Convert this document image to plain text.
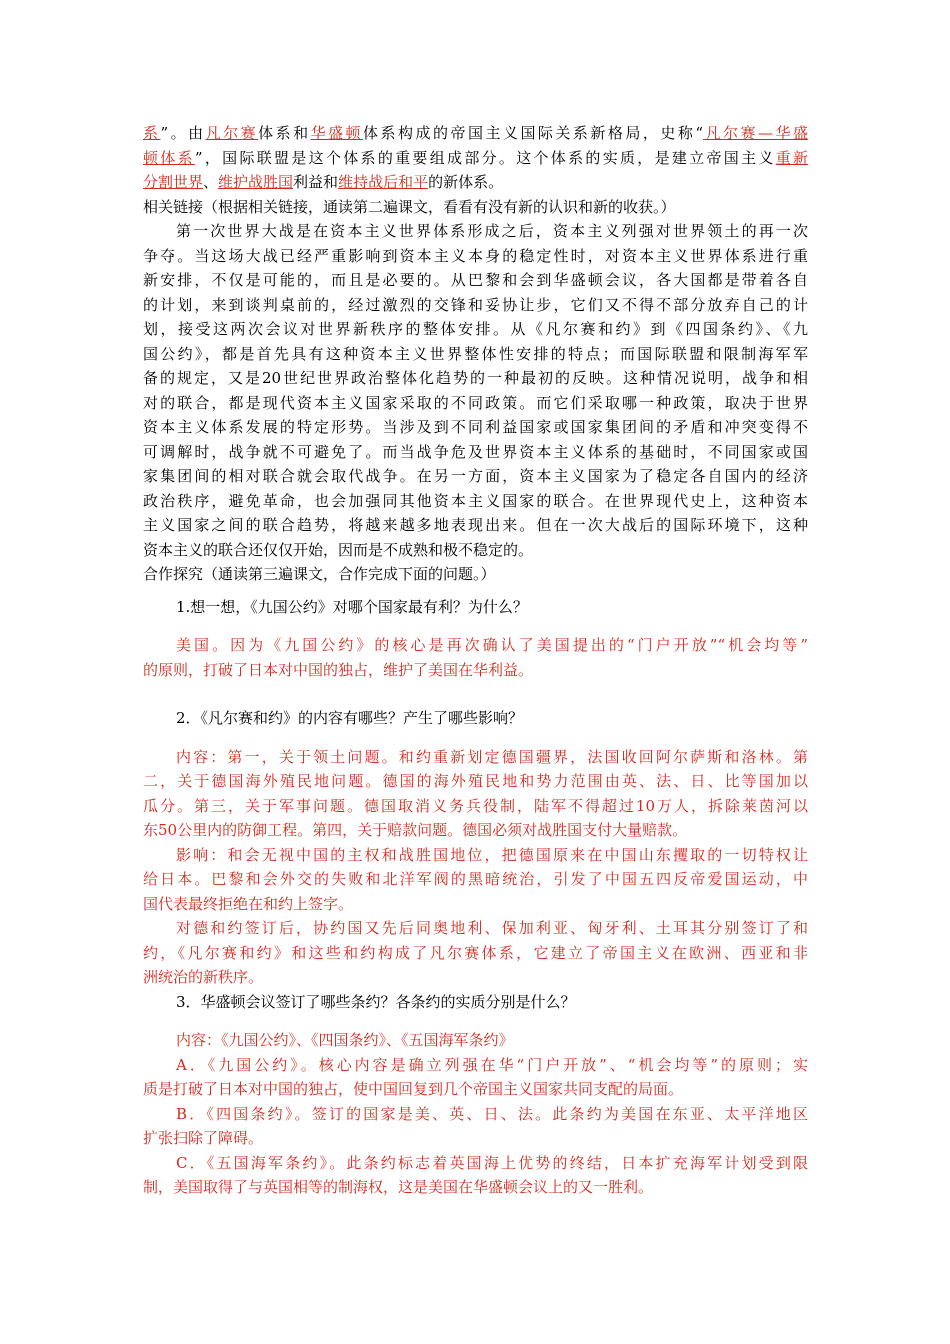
系”。由凡尔赛体系和华盛顿体系构成的帝国主义国际关系新格局，史称“凡尔赛—华盛
顿体系”，国际联盟是这个体系的重要组成部分。这个体系的实质，是建立帝国主义重新
分割世界、维护战胜国利益和维持战后和平的新体系。
相关链接（根据相关链接，通读第二遍课文，看看有没有新的认识和新的收获。）
第一次世界大战是在资本主义世界体系形成之后，资本主义列强对世界领土的再一次
争夺。当这场大战已经严重影响到资本主义本身的稳定性时，对资本主义世界体系进行重
新安排，不仅是可能的，而且是必要的。从巴黎和会到华盛顿会议，各大国都是带着各自
的计划，来到谈判桌前的，经过激烈的交锋和妥协让步，它们又不得不部分放弃自己的计
划，接受这两次会议对世界新秩序的整体安排。从《凡尔赛和约》到《四国条约》、《九
国公约》，都是首先具有这种资本主义世界整体性安排的特点；而国际联盟和限制海军军
备的规定，又是20世纪世界政治整体化趋势的一种最初的反映。这种情况说明，战争和相
对的联合，都是现代资本主义国家采取的不同政策。而它们采取哪一种政策，取决于世界
资本主义体系发展的特定形势。当涉及到不同利益国家或国家集团间的矛盾和冲突变得不
可调解时，战争就不可避免了。而当战争危及世界资本主义体系的基础时，不同国家或国
家集团间的相对联合就会取代战争。在另一方面，资本主义国家为了稳定各自国内的经济
政治秩序，避免革命，也会加强同其他资本主义国家的联合。在世界现代史上，这种资本
主义国家之间的联合趋势，将越来越多地表现出来。但在一次大战后的国际环境下，这种
资本主义的联合还仅仅开始，因而是不成熟和极不稳定的。
合作探究（通读第三遍课文，合作完成下面的问题。）
1.想一想，《九国公约》对哪个国家最有利？为什么？
美国。因为《九国公约》的核心是再次确认了美国提出的“门户开放”“机会均等”
的原则，打破了日本对中国的独占，维护了美国在华利益。
2．《凡尔赛和约》的内容有哪些？产生了哪些影响？
内容：第一，关于领土问题。和约重新划定德国疆界，法国收回阿尔萨斯和洛林。第
二，关于德国海外殖民地问题。德国的海外殖民地和势力范围由英、法、日、比等国加以
瓜分。第三，关于军事问题。德国取消义务兵役制，陆军不得超过10万人，拆除莱茵河以
东50公里内的防御工程。第四，关于赔款问题。德国必须对战胜国支付大量赔款。
影响：和会无视中国的主权和战胜国地位，把德国原来在中国山东攫取的一切特权让
给日本。巴黎和会外交的失败和北洋军阀的黑暗统治，引发了中国五四反帝爱国运动，中
国代表最终拒绝在和约上签字。
对德和约签订后，协约国又先后同奥地利、保加利亚、匈牙利、土耳其分别签订了和
约，《凡尔赛和约》和这些和约构成了凡尔赛体系，它建立了帝国主义在欧洲、西亚和非
洲统治的新秩序。
3．华盛顿会议签订了哪些条约？各条约的实质分别是什么？
内容：《九国公约》、《四国条约》、《五国海军条约》
A．《九国公约》。核心内容是确立列强在华“门户开放”、“机会均等”的原则；实
质是打破了日本对中国的独占，使中国回复到几个帝国主义国家共同支配的局面。
B．《四国条约》。签订的国家是美、英、日、法。此条约为美国在东亚、太平洋地区
扩张扫除了障碍。
C．《五国海军条约》。此条约标志着英国海上优势的终结，日本扩充海军计划受到限
制，美国取得了与英国相等的制海权，这是美国在华盛顿会议上的又一胜利。
